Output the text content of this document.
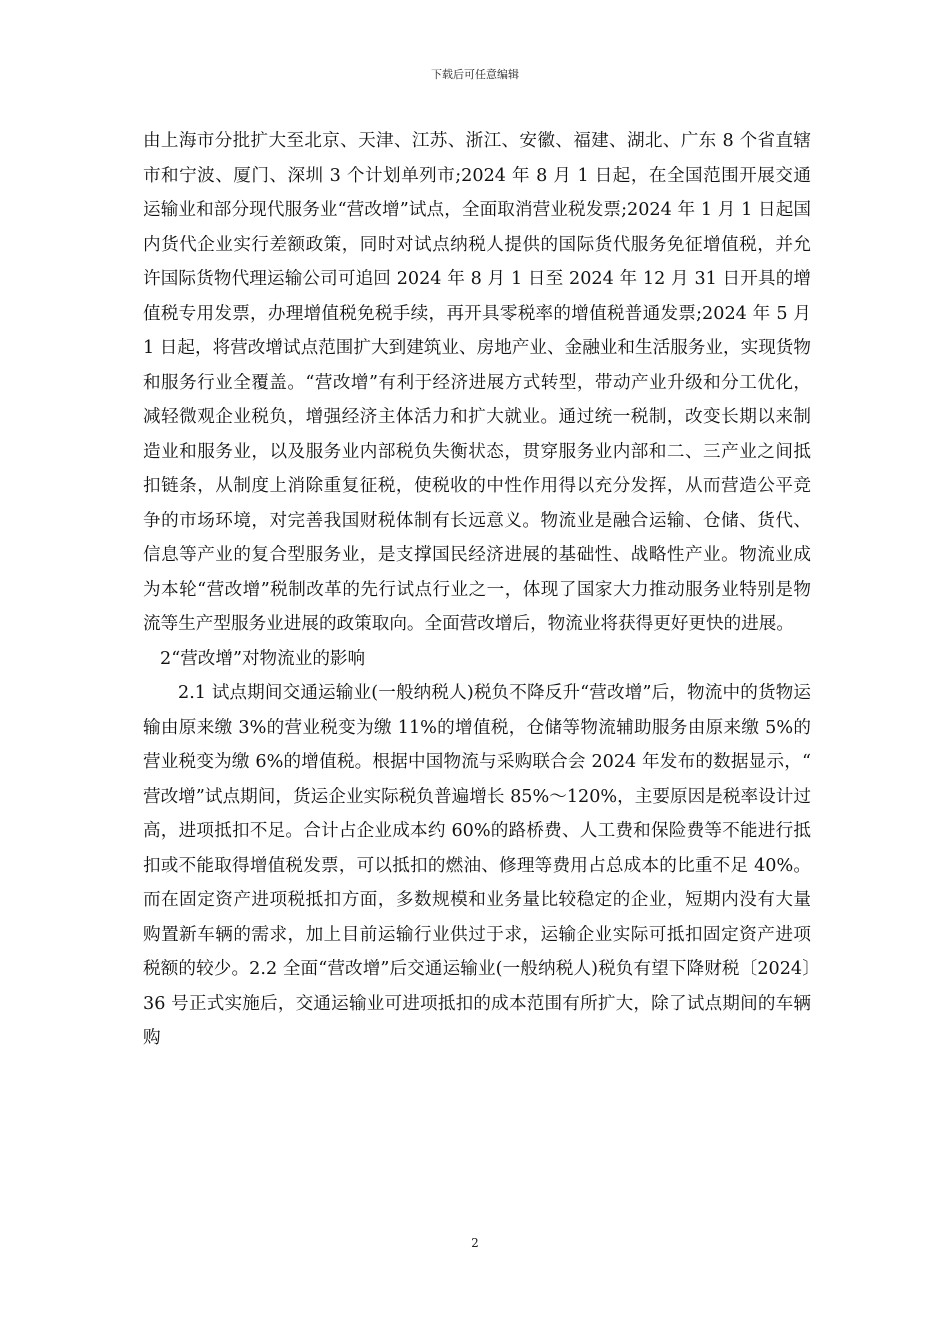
下载后可任意编辑

由上海市分批扩大至北京、天津、江苏、浙江、安徽、福建、湖北、广东 8 个省直辖市和宁波、厦门、深圳 3 个计划单列市;2024 年 8 月 1 日起，在全国范围开展交通运输业和部分现代服务业“营改增”试点，全面取消营业税发票;2024 年 1 月 1 日起国内货代企业实行差额政策，同时对试点纳税人提供的国际货代服务免征增值税，并允许国际货物代理运输公司可追回 2024 年 8 月 1 日至 2024 年 12 月 31 日开具的增值税专用发票，办理增值税免税手续，再开具零税率的增值税普通发票;2024 年 5 月 1 日起，将营改增试点范围扩大到建筑业、房地产业、金融业和生活服务业，实现货物和服务行业全覆盖。“营改增”有利于经济进展方式转型，带动产业升级和分工优化，减轻微观企业税负，增强经济主体活力和扩大就业。通过统一税制，改变长期以来制造业和服务业，以及服务业内部税负失衡状态，贯穿服务业内部和二、三产业之间抵扣链条，从制度上消除重复征税，使税收的中性作用得以充分发挥，从而营造公平竞争的市场环境，对完善我国财税体制有长远意义。物流业是融合运输、仓储、货代、信息等产业的复合型服务业，是支撑国民经济进展的基础性、战略性产业。物流业成为本轮“营改增”税制改革的先行试点行业之一，体现了国家大力推动服务业特别是物流等生产型服务业进展的政策取向。全面营改增后，物流业将获得更好更快的进展。

2“营改增”对物流业的影响

2.1 试点期间交通运输业(一般纳税人)税负不降反升“营改增”后，物流中的货物运输由原来缴 3%的营业税变为缴 11%的增值税，仓储等物流辅助服务由原来缴 5%的营业税变为缴 6%的增值税。根据中国物流与采购联合会 2024 年发布的数据显示，“营改增”试点期间，货运企业实际税负普遍增长 85%～120%，主要原因是税率设计过高，进项抵扣不足。合计占企业成本约 60%的路桥费、人工费和保险费等不能进行抵扣或不能取得增值税发票，可以抵扣的燃油、修理等费用占总成本的比重不足 40%。而在固定资产进项税抵扣方面，多数规模和业务量比较稳定的企业，短期内没有大量购置新车辆的需求，加上目前运输行业供过于求，运输企业实际可抵扣固定资产进项税额的较少。2.2 全面“营改增”后交通运输业(一般纳税人)税负有望下降财税〔2024〕36 号正式实施后，交通运输业可进项抵扣的成本范围有所扩大，除了试点期间的车辆购

2
